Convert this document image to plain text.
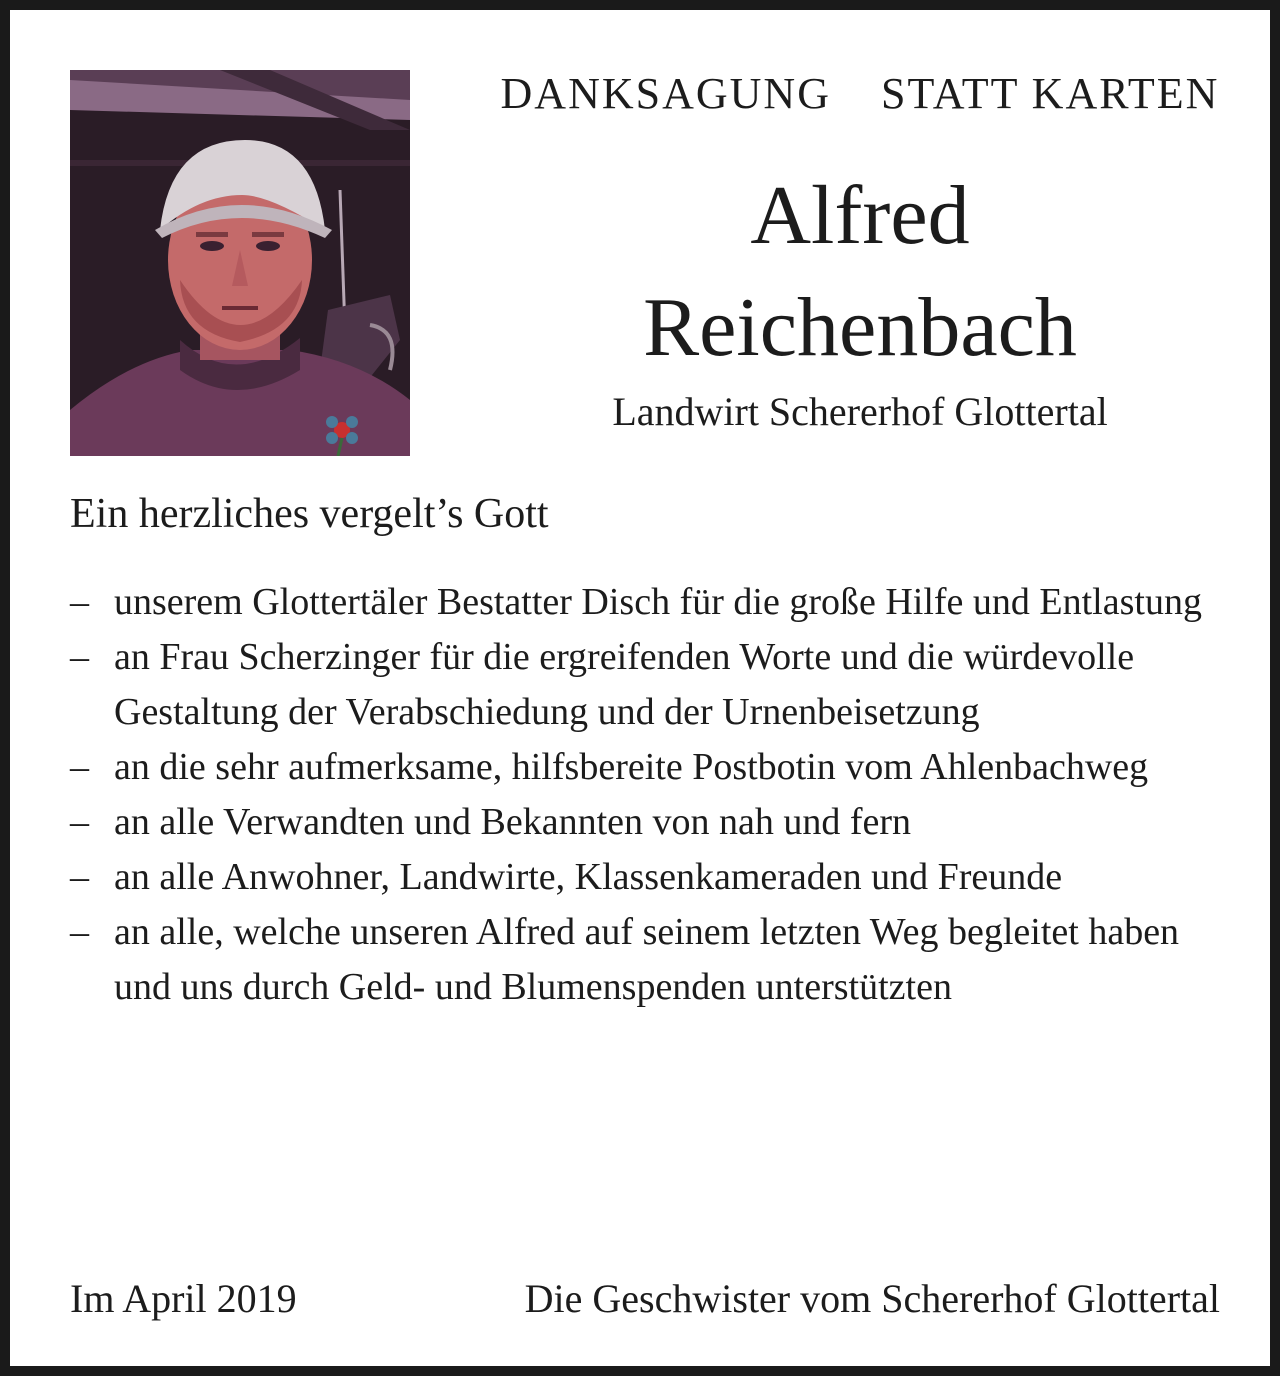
DANKSAGUNG STATT KARTEN
Alfred
Reichenbach
Landwirt Schererhof Glottertal
Ein herzliches vergelt’s Gott
– unserem Glottertäler Bestatter Disch für die große Hilfe und Entlastung
– an Frau Scherzinger für die ergreifenden Worte und die würdevolle Gestaltung der Verabschiedung und der Urnenbeisetzung
– an die sehr aufmerksame, hilfsbereite Postbotin vom Ahlenbachweg
– an alle Verwandten und Bekannten von nah und fern
– an alle Anwohner, Landwirte, Klassenkameraden und Freunde
– an alle, welche unseren Alfred auf seinem letzten Weg begleitet haben und uns durch Geld- und Blumenspenden unterstützten
Im April 2019	Die Geschwister vom Schererhof Glottertal
